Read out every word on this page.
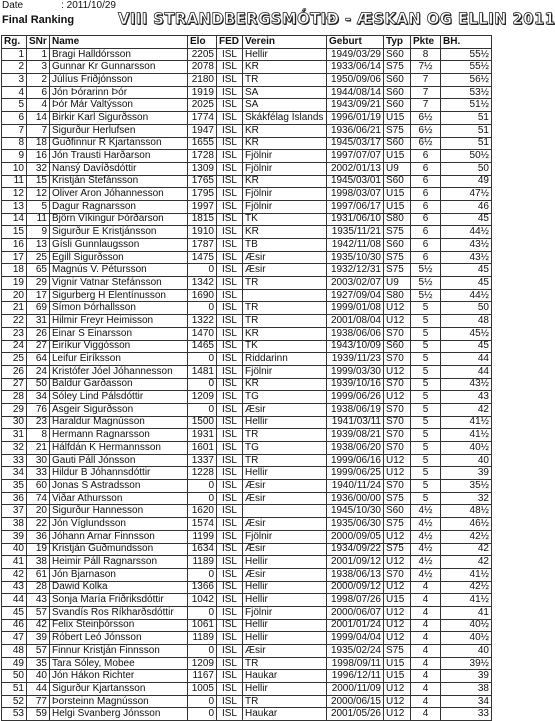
Date	: 2011/10/29
Final Ranking	VIII STRANDBERGSMÓTIÐ - ÆSKAN OG ELLIN 2011
Rg.	SNr	Name	Elo	FED	Verein	Geburt	Typ	Pkte	BH.
1	1	Bragi Halldórsson	2205	ISL	Hellir	1949/03/29	S60	8	55½
2	3	Gunnar Kr Gunnarsson	2078	ISL	KR	1933/06/14	S75	7½	55½
3	2	Júlíus Friðjónsson	2180	ISL	TR	1950/09/06	S60	7	56½
4	6	Jón Þórarinn Þór	1919	ISL	SA	1944/08/14	S60	7	53½
5	4	Þór Már Valtýsson	2025	ISL	SA	1943/09/21	S60	7	51½
6	14	Birkir Karl Sigurðsson	1774	ISL	Skákfélag Íslands	1996/01/19	U15	6½	51
7	7	Sigurður Herlufsen	1947	ISL	KR	1936/06/21	S75	6½	51
8	18	Guðfinnur R Kjartansson	1655	ISL	KR	1945/03/17	S60	6½	51
9	16	Jón Trausti Harðarson	1728	ISL	Fjölnir	1997/07/07	U15	6	50½
10	32	Nansý Davíðsdóttir	1309	ISL	Fjölnir	2002/01/13	U9	6	50
11	15	Kristján Stefánsson	1765	ISL	KR	1945/03/01	S60	6	49
12	12	Oliver Aron Jóhannesson	1795	ISL	Fjölnir	1998/03/07	U15	6	47½
13	5	Dagur Ragnarsson	1997	ISL	Fjölnir	1997/06/17	U15	6	46
14	11	Björn Víkingur Þórðarson	1815	ISL	TK	1931/06/10	S80	6	45
15	9	Sigurður E Kristjánsson	1910	ISL	KR	1935/11/21	S75	6	44½
16	13	Gísli Gunnlaugsson	1787	ISL	TB	1942/11/08	S60	6	43½
17	25	Egill Sigurðsson	1475	ISL	Æsir	1935/10/30	S75	6	43½
18	65	Magnús V. Pétursson	0	ISL	Æsir	1932/12/31	S75	5½	45
19	29	Vignir Vatnar Stefánsson	1342	ISL	TR	2003/02/07	U9	5½	45
20	17	Sigurberg H Elentínusson	1690	ISL		1927/09/04	S80	5½	44½
21	69	Símon Þórhallsson	0	ISL	TR	1999/01/08	U12	5	50
22	31	Hilmir Freyr Heimisson	1322	ISL	TR	2001/08/04	U12	5	48
23	26	Einar S Einarsson	1470	ISL	KR	1938/06/06	S70	5	45½
24	27	Eiríkur Viggósson	1465	ISL	TK	1943/10/09	S60	5	45
25	64	Leifur Eiríksson	0	ISL	Riddarinn	1939/11/23	S70	5	44
26	24	Kristófer Jóel Jóhannesson	1481	ISL	Fjölnir	1999/03/30	U12	5	44
27	50	Baldur Garðasson	0	ISL	KR	1939/10/16	S70	5	43½
28	34	Sóley Lind Pálsdóttir	1209	ISL	TG	1999/06/26	U12	5	43
29	76	Ásgeir Sigurðsson	0	ISL	Æsir	1938/06/19	S70	5	42
30	23	Haraldur Magnússon	1500	ISL	Hellir	1941/03/11	S70	5	41½
31	8	Hermann Ragnarsson	1931	ISL	TR	1939/08/21	S70	5	41½
32	21	Hálfdán K Hermannsson	1601	ISL	TG	1938/06/20	S70	5	40½
33	30	Gauti Páll Jónsson	1337	ISL	TR	1999/06/16	U12	5	40
34	33	Hildur B Jóhannsdóttir	1228	ISL	Hellir	1999/06/25	U12	5	39
35	60	Jonas S Astradsson	0	ISL	Æsir	1940/11/24	S70	5	35½
36	74	Viðar Athursson	0	ISL	Æsir	1936/00/00	S75	5	32
37	20	Sigurður Hannesson	1620	ISL		1945/10/30	S60	4½	48½
38	22	Jón Víglundsson	1574	ISL	Æsir	1935/06/30	S75	4½	46½
39	36	Jóhann Arnar Finnsson	1199	ISL	Fjölnir	2000/09/05	U12	4½	42½
40	19	Kristján Guðmundsson	1634	ISL	Æsir	1934/09/22	S75	4½	42
41	38	Heimir Páll Ragnarsson	1189	ISL	Hellir	2001/09/12	U12	4½	42
42	61	Jón Bjarnason	0	ISL	Æsir	1938/06/13	S70	4½	41½
43	28	Dawid Kolka	1366	ISL	Hellir	2000/09/12	U12	4	42½
44	43	Sonja María Friðriksdóttir	1042	ISL	Hellir	1998/07/26	U15	4	41½
45	57	Svandís Ros Ríkharðsdóttir	0	ISL	Fjölnir	2000/06/07	U12	4	41
46	42	Felix Steinþórsson	1061	ISL	Hellir	2001/01/24	U12	4	40½
47	39	Róbert Leó Jónsson	1189	ISL	Hellir	1999/04/04	U12	4	40½
48	57	Finnur Kristján Finnsson	0	ISL	Æsir	1935/02/24	S75	4	40
49	35	Tara Sóley, Mobee	1209	ISL	TR	1998/09/11	U15	4	39½
50	40	Jón Hákon Richter	1167	ISL	Haukar	1996/12/11	U15	4	39
51	44	Sigurður Kjartansson	1005	ISL	Hellir	2000/11/09	U12	4	38
52	77	Þorsteinn Magnússon	0	ISL	TR	2000/06/15	U12	4	34
53	59	Helgi Svanberg Jónsson	0	ISL	Haukar	2001/05/26	U12	4	33
